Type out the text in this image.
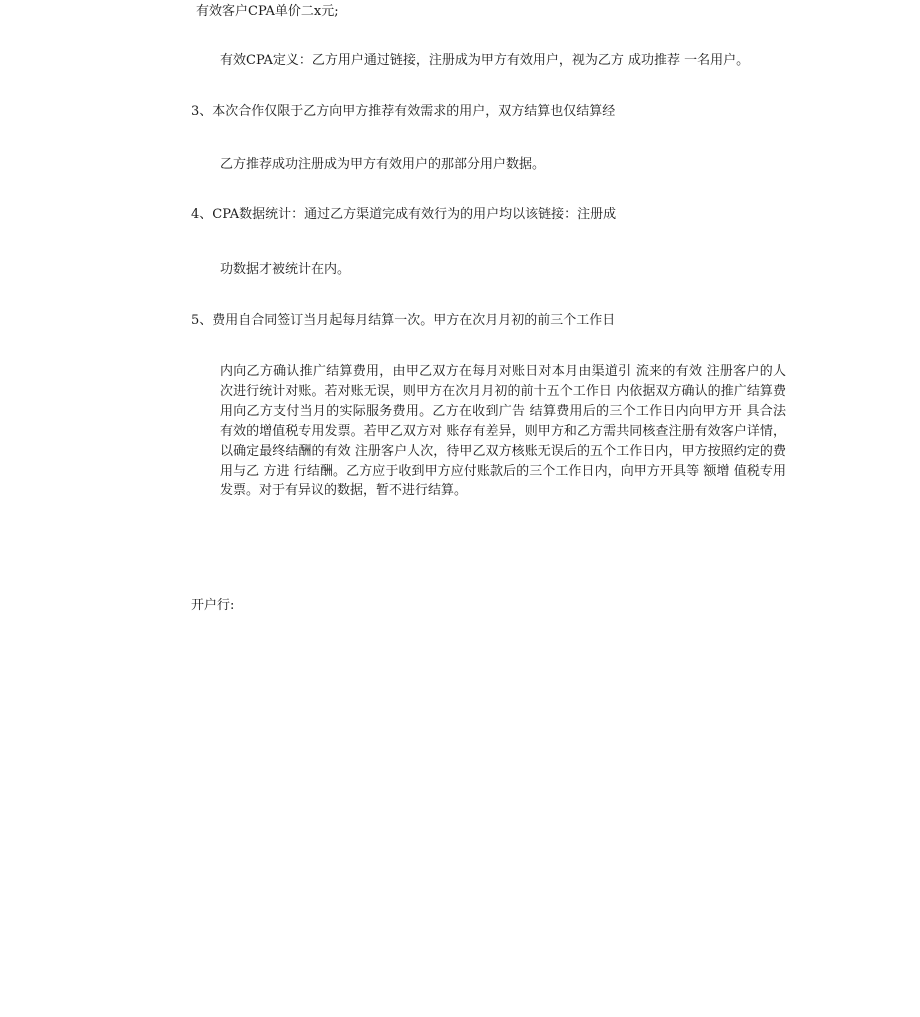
有效客户CPA单价二x元;
有效CPA定义：乙方用户通过链接，注册成为甲方有效用户，视为乙方 成功推荐 一名用户。
3、本次合作仅限于乙方向甲方推荐有效需求的用户，双方结算也仅结算经
乙方推荐成功注册成为甲方有效用户的那部分用户数据。
4、CPA数据统计：通过乙方渠道完成有效行为的用户均以该链接：注册成
功数据才被统计在内。
5、费用自合同签订当月起每月结算一次。甲方在次月月初的前三个工作日
内向乙方确认推广结算费用，由甲乙双方在每月对账日对本月由渠道引 流来的有效 注册客户的人次进行统计对账。若对账无误，则甲方在次月月初的前十五个工作日 内依据双方确认的推广结算费用向乙方支付当月的实际服务费用。乙方在收到广告 结算费用后的三个工作日内向甲方开 具合法有效的增值税专用发票。若甲乙双方对 账存有差异，则甲方和乙方需共同核查注册有效客户详情，以确定最终结酬的有效 注册客户人次，待甲乙双方核账无误后的五个工作日内，甲方按照约定的费用与乙 方进 行结酬。乙方应于收到甲方应付账款后的三个工作日内，向甲方开具等 额增 值税专用发票。对于有异议的数据，暂不进行结算。
开户行:
